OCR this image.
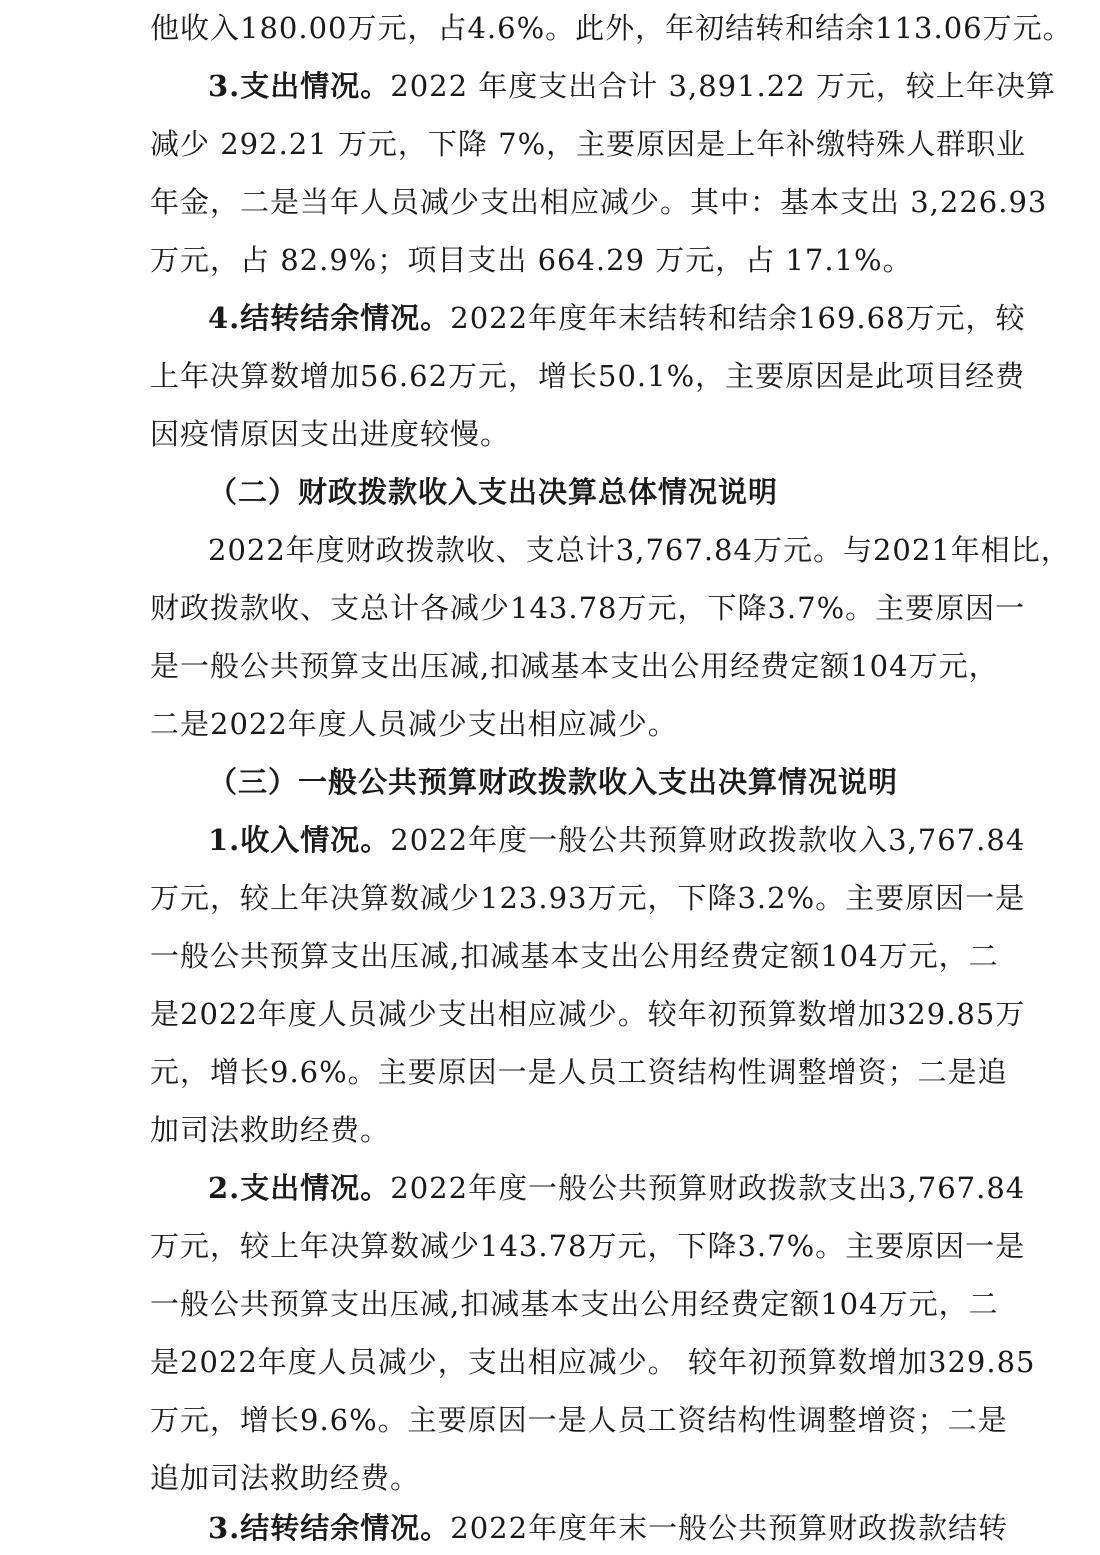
他收入180.00万元，占4.6%。此外，年初结转和结余113.06万元。
3.支出情况。2022 年度支出合计 3,891.22 万元，较上年决算
减少 292.21 万元，下降 7%，主要原因是上年补缴特殊人群职业
年金，二是当年人员减少支出相应减少。其中：基本支出 3,226.93
万元，占 82.9%；项目支出 664.29 万元，占 17.1%。
4.结转结余情况。2022年度年末结转和结余169.68万元，较
上年决算数增加56.62万元，增长50.1%，主要原因是此项目经费
因疫情原因支出进度较慢。
（二）财政拨款收入支出决算总体情况说明
2022年度财政拨款收、支总计3,767.84万元。与2021年相比，
财政拨款收、支总计各减少143.78万元，下降3.7%。主要原因一
是一般公共预算支出压减,扣减基本支出公用经费定额104万元，
二是2022年度人员减少支出相应减少。
（三）一般公共预算财政拨款收入支出决算情况说明
1.收入情况。2022年度一般公共预算财政拨款收入3,767.84
万元，较上年决算数减少123.93万元，下降3.2%。主要原因一是
一般公共预算支出压减,扣减基本支出公用经费定额104万元，二
是2022年度人员减少支出相应减少。较年初预算数增加329.85万
元，增长9.6%。主要原因一是人员工资结构性调整增资；二是追
加司法救助经费。
2.支出情况。2022年度一般公共预算财政拨款支出3,767.84
万元，较上年决算数减少143.78万元，下降3.7%。主要原因一是
一般公共预算支出压减,扣减基本支出公用经费定额104万元，二
是2022年度人员减少，支出相应减少。 较年初预算数增加329.85
万元，增长9.6%。主要原因一是人员工资结构性调整增资；二是
追加司法救助经费。
3.结转结余情况。2022年度年末一般公共预算财政拨款结转
